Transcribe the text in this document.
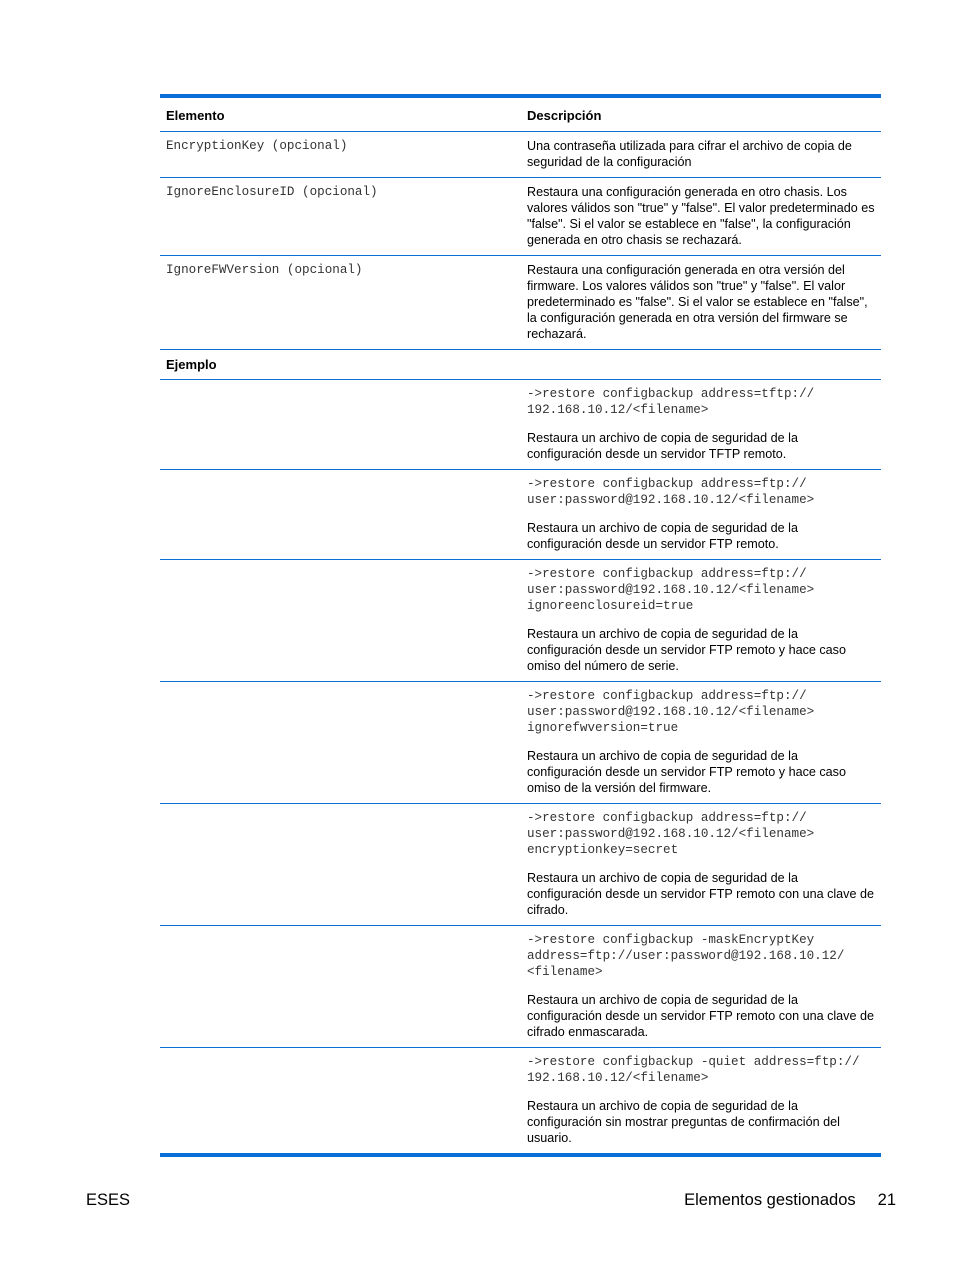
Elemento	Descripción
EncryptionKey (opcional)	Una contraseña utilizada para cifrar el archivo de copia de seguridad de la configuración
IgnoreEnclosureID (opcional)	Restaura una configuración generada en otro chasis. Los valores válidos son "true" y "false". El valor predeterminado es "false". Si el valor se establece en "false", la configuración generada en otro chasis se rechazará.
IgnoreFWVersion (opcional)	Restaura una configuración generada en otra versión del firmware. Los valores válidos son "true" y "false". El valor predeterminado es "false". Si el valor se establece en "false", la configuración generada en otra versión del firmware se rechazará.
Ejemplo
->restore configbackup address=tftp://
192.168.10.12/<filename>
Restaura un archivo de copia de seguridad de la configuración desde un servidor TFTP remoto.
->restore configbackup address=ftp://
user:password@192.168.10.12/<filename>
Restaura un archivo de copia de seguridad de la configuración desde un servidor FTP remoto.
->restore configbackup address=ftp://
user:password@192.168.10.12/<filename>
ignoreenclosureid=true
Restaura un archivo de copia de seguridad de la configuración desde un servidor FTP remoto y hace caso omiso del número de serie.
->restore configbackup address=ftp://
user:password@192.168.10.12/<filename>
ignorefwversion=true
Restaura un archivo de copia de seguridad de la configuración desde un servidor FTP remoto y hace caso omiso de la versión del firmware.
->restore configbackup address=ftp://
user:password@192.168.10.12/<filename>
encryptionkey=secret
Restaura un archivo de copia de seguridad de la configuración desde un servidor FTP remoto con una clave de cifrado.
->restore configbackup -maskEncryptKey
address=ftp://user:password@192.168.10.12/
<filename>
Restaura un archivo de copia de seguridad de la configuración desde un servidor FTP remoto con una clave de cifrado enmascarada.
->restore configbackup -quiet address=ftp://
192.168.10.12/<filename>
Restaura un archivo de copia de seguridad de la configuración sin mostrar preguntas de confirmación del usuario.
ESES	Elementos gestionados 21
